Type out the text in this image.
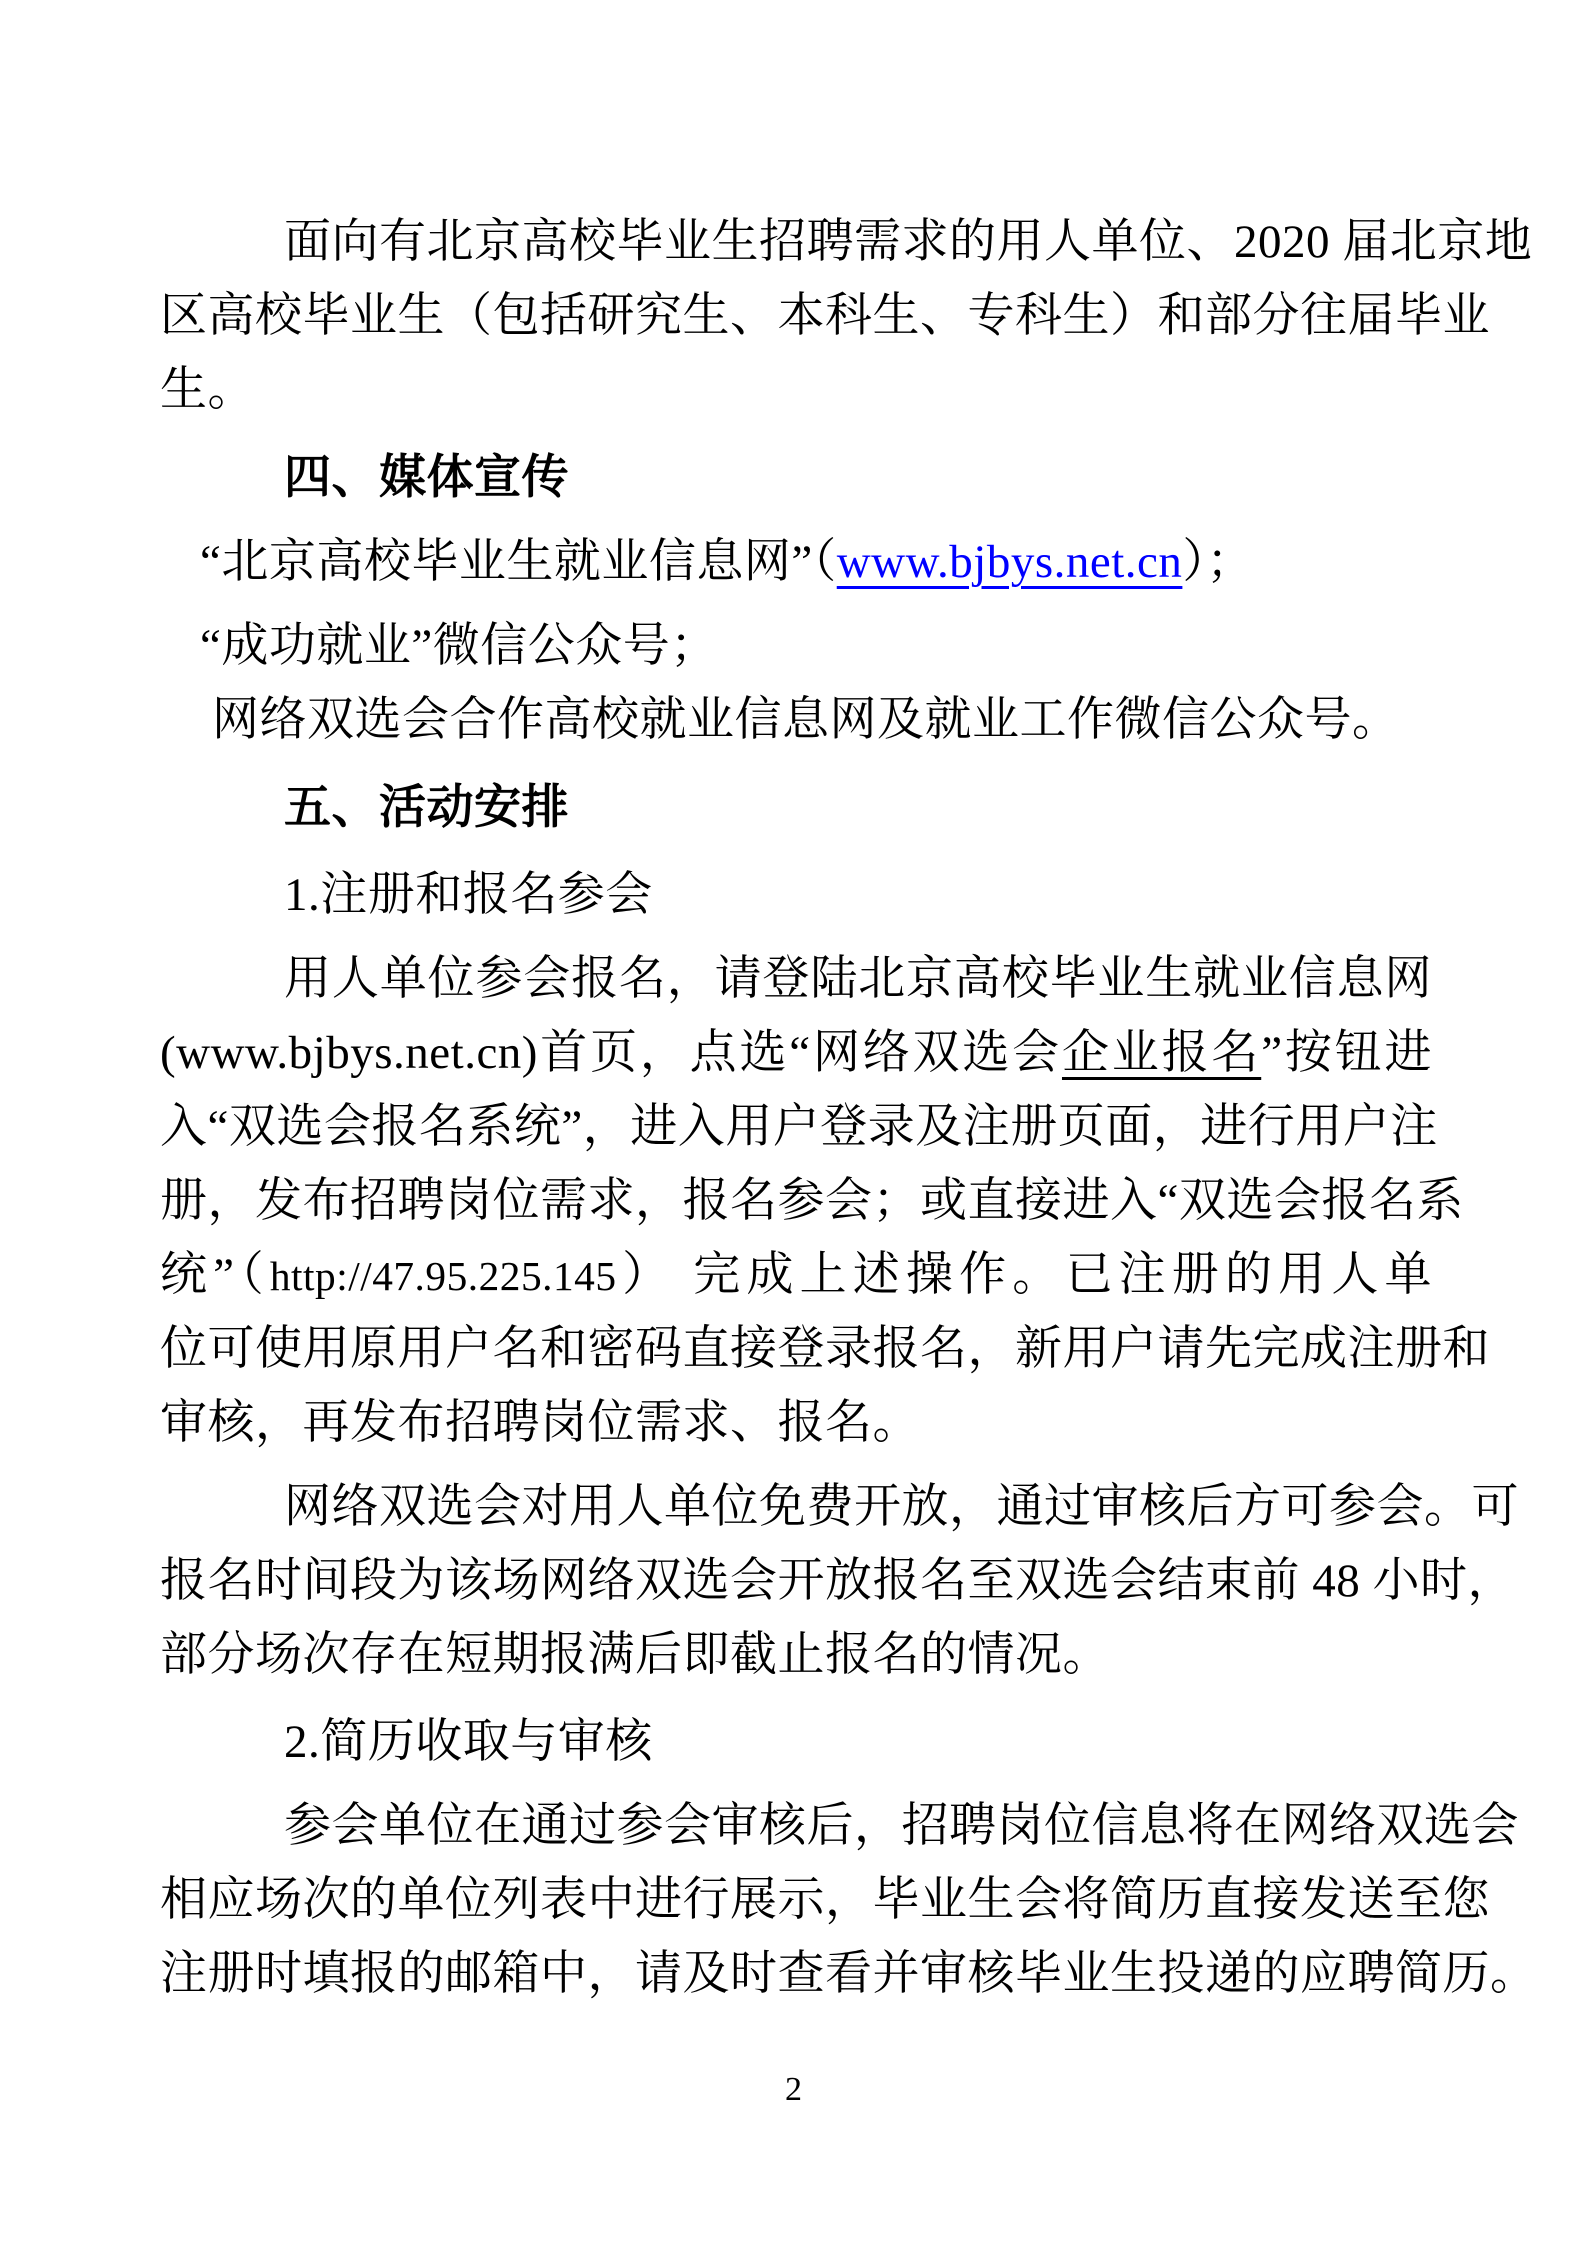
面向有北京高校毕业生招聘需求的用人单位、2020 届北京地
区高校毕业生（包括研究生、本科生、专科生）和部分往届毕业
生。
四、媒体宣传
“北京高校毕业生就业信息网”（www.bjbys.net.cn）；
“成功就业”微信公众号；
网络双选会合作高校就业信息网及就业工作微信公众号。
五、活动安排
1.注册和报名参会
用人单位参会报名，请登陆北京高校毕业生就业信息网
(www.bjbys.net.cn)首页，点选“网络双选会企业报名”按钮进
入“双选会报名系统”，进入用户登录及注册页面，进行用户注
册，发布招聘岗位需求，报名参会；或直接进入“双选会报名系
统”（http://47.95.225.145） 完成上述操作。已注册的用人单
位可使用原用户名和密码直接登录报名，新用户请先完成注册和
审核，再发布招聘岗位需求、报名。
网络双选会对用人单位免费开放，通过审核后方可参会。可
报名时间段为该场网络双选会开放报名至双选会结束前 48 小时，
部分场次存在短期报满后即截止报名的情况。
2.简历收取与审核
参会单位在通过参会审核后，招聘岗位信息将在网络双选会
相应场次的单位列表中进行展示，毕业生会将简历直接发送至您
注册时填报的邮箱中，请及时查看并审核毕业生投递的应聘简历。
2
